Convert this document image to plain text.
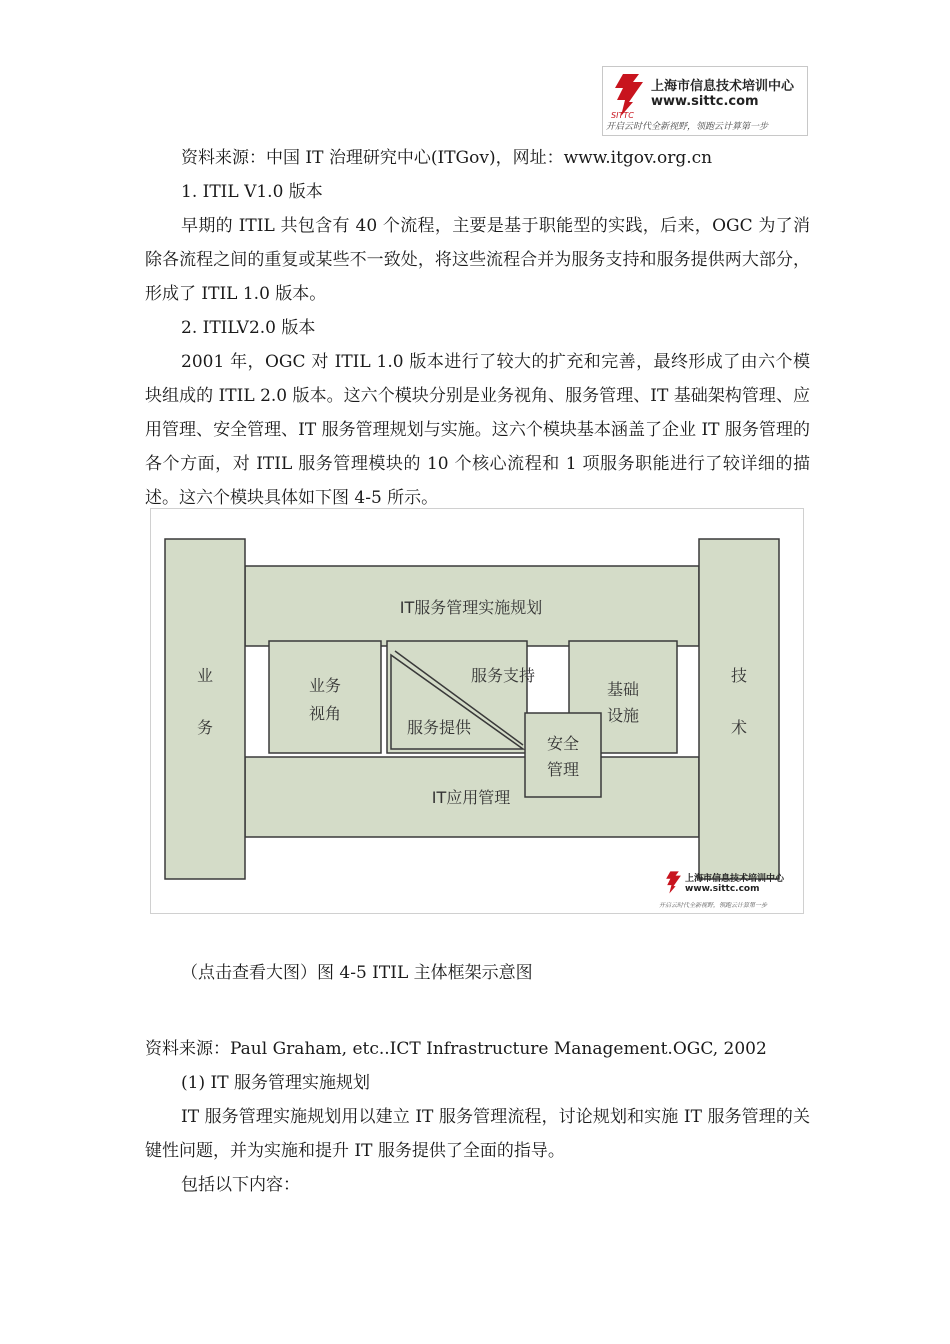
SITTC
上海市信息技术培训中心
www.sittc.com
开启云时代全新视野，领跑云计算第一步
资料来源：中国 IT 治理研究中心(ITGov)，网址：www.itgov.org.cn
1. ITIL V1.0 版本

早期的 ITIL 共包含有 40 个流程，主要是基于职能型的实践，后来，OGC 为了消除各流程之间的重复或某些不一致处，将这些流程合并为服务支持和服务提供两大部分，形成了 ITIL 1.0 版本。

2. ITILV2.0 版本

2001 年，OGC 对 ITIL 1.0 版本进行了较大的扩充和完善，最终形成了由六个模块组成的 ITIL 2.0 版本。这六个模块分别是业务视角、服务管理、IT 基础架构管理、应用管理、安全管理、IT 服务管理规划与实施。这六个模块基本涵盖了企业 IT 服务管理的各个方面，对 ITIL 服务管理模块的 10 个核心流程和 1 项服务职能进行了较详细的描述。这六个模块具体如下图 4-5 所示。

业
务
技
术
IT服务管理实施规划
业务
视角
服务支持
服务提供
基础
设施
安全
管理
IT应用管理
上海市信息技术培训中心
www.sittc.com
开启云时代全新视野，领跑云计算第一步
（点击查看大图）图 4-5 ITIL 主体框架示意图
资料来源：Paul Graham, etc..ICT Infrastructure Management.OGC, 2002
(1) IT 服务管理实施规划

IT 服务管理实施规划用以建立 IT 服务管理流程，讨论规划和实施 IT 服务管理的关键性问题，并为实施和提升 IT 服务提供了全面的指导。

包括以下内容：
